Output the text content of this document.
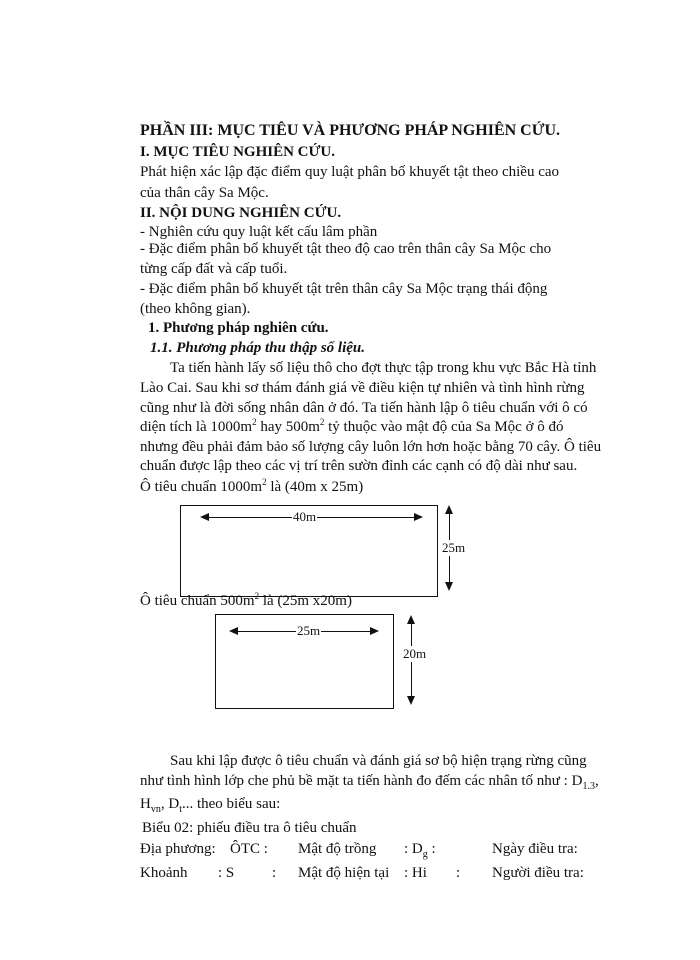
PHẦN III: MỤC TIÊU VÀ PHƯƠNG PHÁP NGHIÊN CỨU.
I. MỤC TIÊU NGHIÊN CỨU.
Phát hiện xác lập đặc điểm quy luật phân bố khuyết tật theo chiều cao
của thân cây Sa Mộc.
II. NỘI DUNG NGHIÊN CỨU.
- Nghiên cứu quy luật kết cấu lâm phần
- Đặc điểm phân bố khuyết tật theo độ cao trên thân cây Sa Mộc cho
từng cấp đất và cấp tuổi.
- Đặc điểm phân bố khuyết tật trên thân cây Sa Mộc trạng thái động
(theo không gian).
1. Phương pháp nghiên cứu.
1.1. Phương pháp thu thập số liệu.
Ta tiến hành lấy số liệu thô cho đợt thực tập trong khu vực Bắc Hà tỉnh
Lào Cai. Sau khi sơ thám đánh giá về điều kiện tự nhiên và tình hình rừng
cũng như là đời sống nhân dân ở đó. Ta tiến hành lập ô tiêu chuẩn với ô có
diện tích là $1000m^2$ hay $500m^2$ tỷ thuộc vào mật độ của Sa Mộc ở ô đó
nhưng đều phải đảm bảo số lượng cây luôn lớn hơn hoặc bằng 70 cây. Ô tiêu
chuẩn được lập theo các vị trí trên sườn đỉnh các cạnh có độ dài như sau.
Ô tiêu chuẩn $1000m^2$ là (40m x 25m)
40m
25m
Ô tiêu chuẩn $500m^2$ là (25m x20m)
25m
20m
Sau khi lập được ô tiêu chuẩn và đánh giá sơ bộ hiện trạng rừng cũng
như tình hình lớp che phủ bề mặt ta tiến hành đo đếm các nhân tố như : $D_{1.3}$,
$H_{vn}$, $D_t$... theo biểu sau:
Biểu 02: phiếu điều tra ô tiêu chuẩn
Địa phương: ÔTC : Mật độ trồng : $D_g$ :	Ngày điều tra:
Khoảnh : S	: Mật độ hiện tại : Hi : Người điều tra:
